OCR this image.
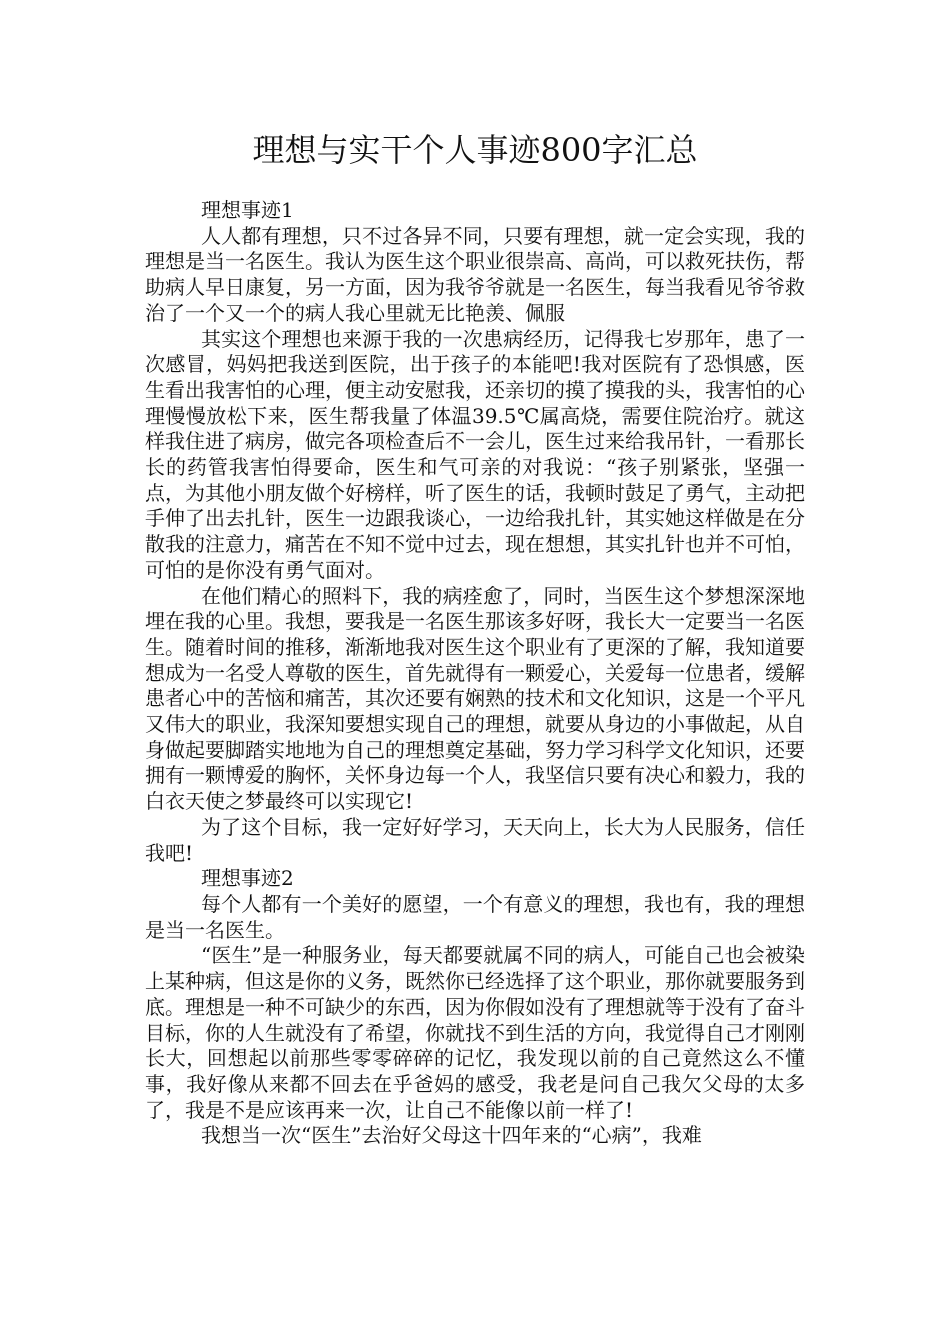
理想与实干个人事迹800字汇总

理想事迹1

人人都有理想，只不过各异不同，只要有理想，就一定会实现，我的理想是当一名医生。我认为医生这个职业很崇高、高尚，可以救死扶伤，帮助病人早日康复，另一方面，因为我爷爷就是一名医生，每当我看见爷爷救治了一个又一个的病人我心里就无比艳羡、佩服

其实这个理想也来源于我的一次患病经历，记得我七岁那年，患了一次感冒，妈妈把我送到医院，出于孩子的本能吧!我对医院有了恐惧感，医生看出我害怕的心理，便主动安慰我，还亲切的摸了摸我的头，我害怕的心理慢慢放松下来，医生帮我量了体温39.5℃属高烧，需要住院治疗。就这样我住进了病房，做完各项检查后不一会儿，医生过来给我吊针，一看那长长的药管我害怕得要命，医生和气可亲的对我说：“孩子别紧张，坚强一点，为其他小朋友做个好榜样，听了医生的话，我顿时鼓足了勇气，主动把手伸了出去扎针，医生一边跟我谈心，一边给我扎针，其实她这样做是在分散我的注意力，痛苦在不知不觉中过去，现在想想，其实扎针也并不可怕，可怕的是你没有勇气面对。

在他们精心的照料下，我的病痊愈了，同时，当医生这个梦想深深地埋在我的心里。我想，要我是一名医生那该多好呀，我长大一定要当一名医生。随着时间的推移，渐渐地我对医生这个职业有了更深的了解，我知道要想成为一名受人尊敬的医生，首先就得有一颗爱心，关爱每一位患者，缓解患者心中的苦恼和痛苦，其次还要有娴熟的技术和文化知识，这是一个平凡又伟大的职业，我深知要想实现自己的理想，就要从身边的小事做起，从自身做起要脚踏实地地为自己的理想奠定基础，努力学习科学文化知识，还要拥有一颗博爱的胸怀，关怀身边每一个人，我坚信只要有决心和毅力，我的白衣天使之梦最终可以实现它!

为了这个目标，我一定好好学习，天天向上，长大为人民服务，信任我吧!

理想事迹2

每个人都有一个美好的愿望，一个有意义的理想，我也有，我的理想是当一名医生。

“医生”是一种服务业，每天都要就属不同的病人，可能自己也会被染上某种病，但这是你的义务，既然你已经选择了这个职业，那你就要服务到底。理想是一种不可缺少的东西，因为你假如没有了理想就等于没有了奋斗目标，你的人生就没有了希望，你就找不到生活的方向，我觉得自己才刚刚长大，回想起以前那些零零碎碎的记忆，我发现以前的自己竟然这么不懂事，我好像从来都不回去在乎爸妈的感受，我老是问自己我欠父母的太多了，我是不是应该再来一次，让自己不能像以前一样了!

我想当一次“医生”去治好父母这十四年来的“心病”，我难
